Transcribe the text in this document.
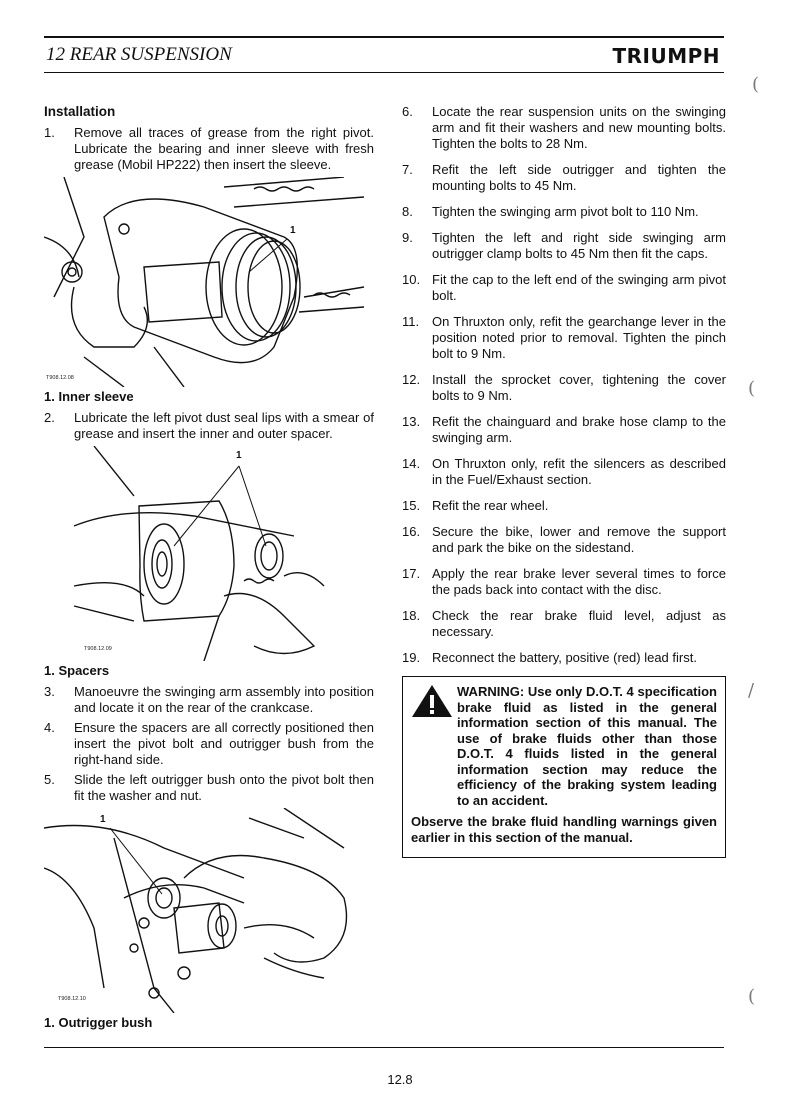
12 REAR SUSPENSION	TRIUMPH
Installation
1.	Remove all traces of grease from the right pivot. Lubricate the bearing and inner sleeve with fresh grease (Mobil HP222) then insert the sleeve.
T908.12.08
1
1. Inner sleeve
2.	Lubricate the left pivot dust seal lips with a smear of grease and insert the inner and outer spacer.
T908.12.09
1
1. Spacers
3.	Manoeuvre the swinging arm assembly into position and locate it on the rear of the crankcase.
4.	Ensure the spacers are all correctly positioned then insert the pivot bolt and outrigger bush from the right-hand side.
5.	Slide the left outrigger bush onto the pivot bolt then fit the washer and nut.
T908.12.10
1
1. Outrigger bush
6.	Locate the rear suspension units on the swinging arm and fit their washers and new mounting bolts. Tighten the bolts to 28 Nm.
7.	Refit the left side outrigger and tighten the mounting bolts to 45 Nm.
8.	Tighten the swinging arm pivot bolt to 110 Nm.
9.	Tighten the left and right side swinging arm outrigger clamp bolts to 45 Nm then fit the caps.
10. Fit the cap to the left end of the swinging arm pivot bolt.
11. On Thruxton only, refit the gearchange lever in the position noted prior to removal. Tighten the pinch bolt to 9 Nm.
12. Install the sprocket cover, tightening the cover bolts to 9 Nm.
13. Refit the chainguard and brake hose clamp to the swinging arm.
14. On Thruxton only, refit the silencers as described in the Fuel/Exhaust section.
15. Refit the rear wheel.
16. Secure the bike, lower and remove the support and park the bike on the sidestand.
17. Apply the rear brake lever several times to force the pads back into contact with the disc.
18. Check the rear brake fluid level, adjust as necessary.
19. Reconnect the battery, positive (red) lead first.

WARNING: Use only D.O.T. 4 specification brake fluid as listed in the general information section of this manual. The use of brake fluids other than those D.O.T. 4 fluids listed in the general information section may reduce the efficiency of the braking system leading to an accident.

Observe the brake fluid handling warnings given earlier in this section of the manual.

12.8
(
(
/
(
